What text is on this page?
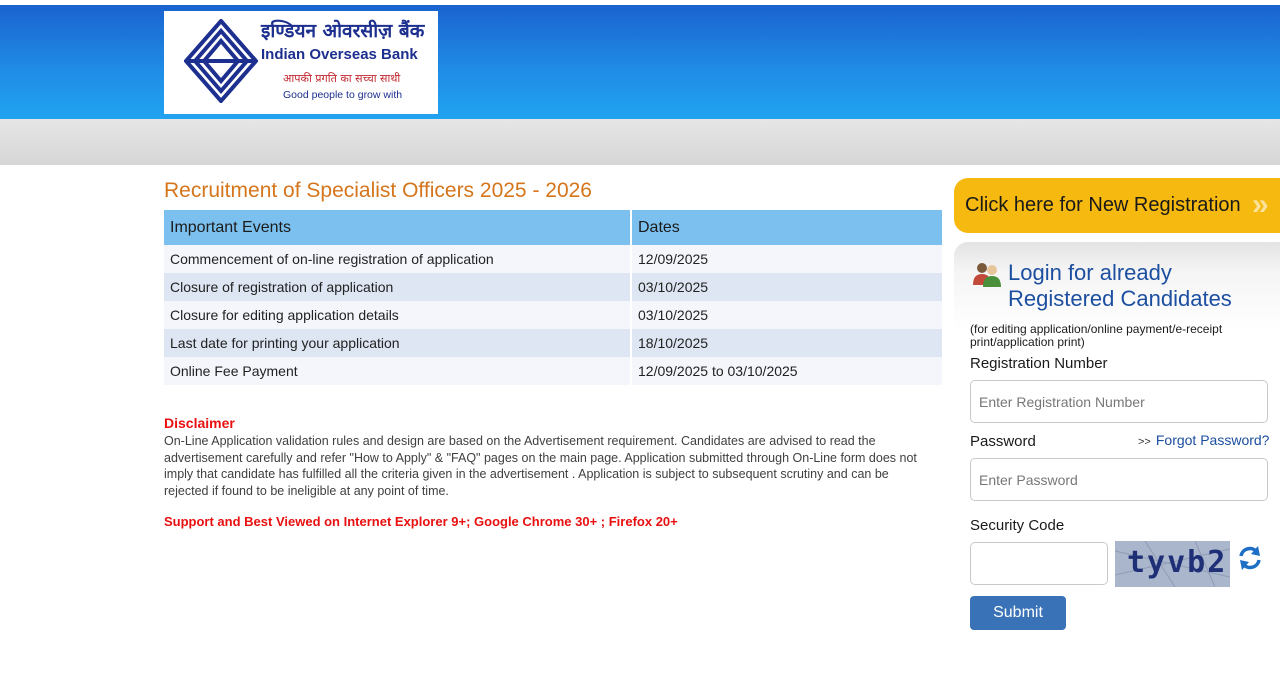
इण्डियन ओवरसीज़ बैंक
Indian Overseas Bank
आपकी प्रगति का सच्चा साथी
Good people to grow with
Recruitment of Specialist Officers 2025 - 2026
Important Events	Dates
Commencement of on-line registration of application	12/09/2025
Closure of registration of application	03/10/2025
Closure for editing application details	03/10/2025
Last date for printing your application	18/10/2025
Online Fee Payment	12/09/2025 to 03/10/2025
Disclaimer
On-Line Application validation rules and design are based on the Advertisement requirement. Candidates are advised to read the advertisement carefully and refer "How to Apply" & "FAQ" pages on the main page. Application submitted through On-Line form does not imply that candidate has fulfilled all the criteria given in the advertisement . Application is subject to subsequent scrutiny and can be rejected if found to be ineligible at any point of time.
Support and Best Viewed on Internet Explorer 9+; Google Chrome 30+ ; Firefox 20+
Click here for New Registration »
Login for already Registered Candidates
(for editing application/online payment/e-receipt print/application print)
Registration Number
Enter Registration Number
Password	>> Forgot Password?
Security Code
tyvb2
Submit
